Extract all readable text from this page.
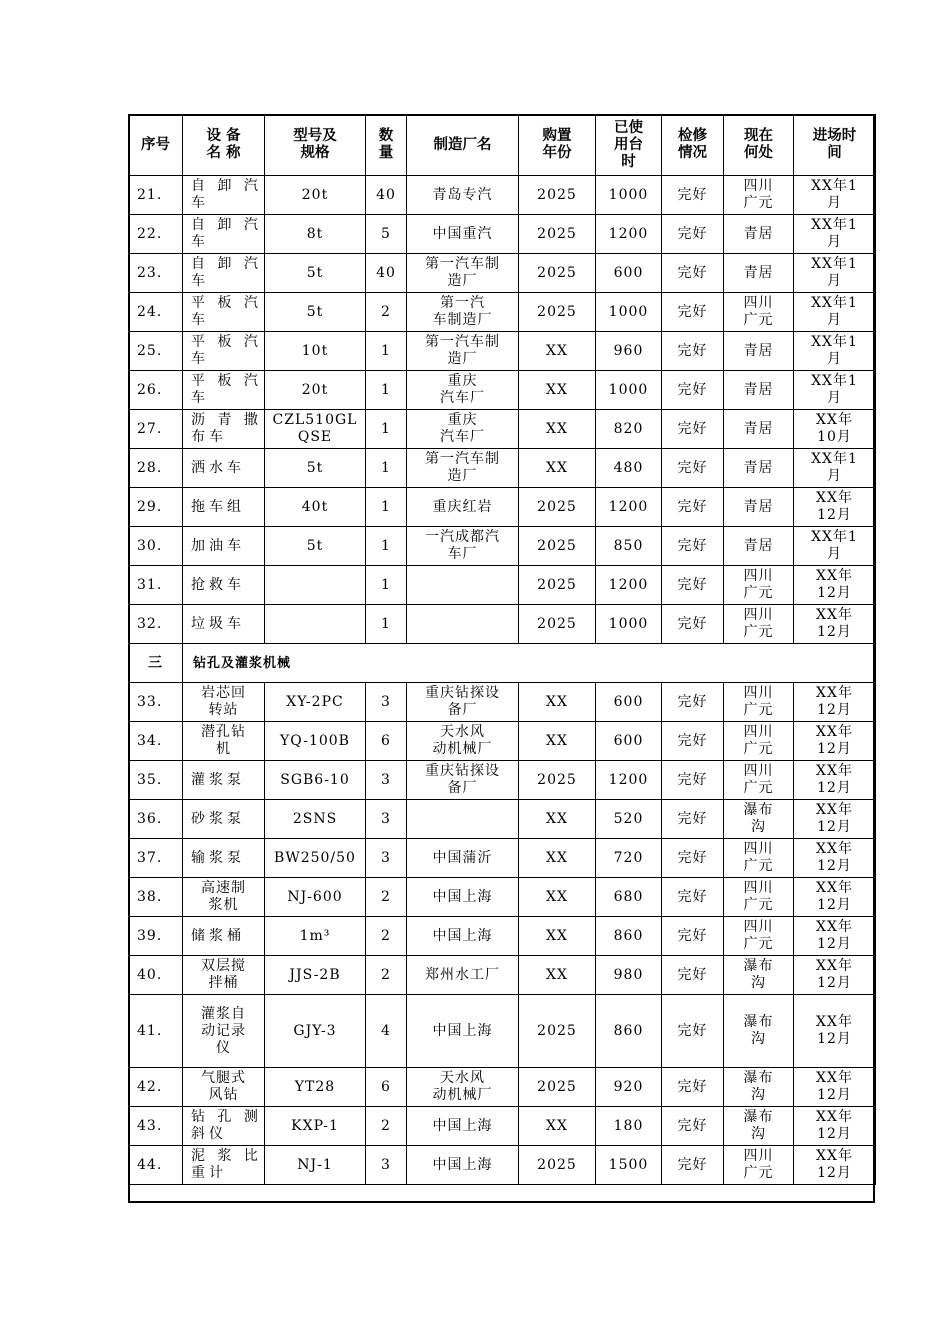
序号	设 备
名 称	型号及
规格	数
量	制造厂名	购置
年份	已使
用台
时	检修
情况	现在
何处	进场时
间
21.	自 卸 汽
车	20t	40	青岛专汽	2025	1000	完好	四川
广元	XX年1
月
22.	自 卸 汽
车	8t	5	中国重汽	2025	1200	完好	青居	XX年1
月
23.	自 卸 汽
车	5t	40	第一汽车制
造厂	2025	600	完好	青居	XX年1
月
24.	平 板 汽
车	5t	2	第一汽
车制造厂	2025	1000	完好	四川
广元	XX年1
月
25.	平 板 汽
车	10t	1	第一汽车制
造厂	XX	960	完好	青居	XX年1
月
26.	平 板 汽
车	20t	1	重庆
汽车厂	XX	1000	完好	青居	XX年1
月
27.	沥 青 撒
布车	CZL510GL
QSE	1	重庆
汽车厂	XX	820	完好	青居	XX年
10月
28.	洒水车	5t	1	第一汽车制
造厂	XX	480	完好	青居	XX年1
月
29.	拖车组	40t	1	重庆红岩	2025	1200	完好	青居	XX年
12月
30.	加油车	5t	1	一汽成都汽
车厂	2025	850	完好	青居	XX年1
月
31.	抢救车		1		2025	1200	完好	四川
广元	XX年
12月
32.	垃圾车		1		2025	1000	完好	四川
广元	XX年
12月
三	钻孔及灌浆机械								
33.	岩芯回
转站	XY-2PC	3	重庆钻探设
备厂	XX	600	完好	四川
广元	XX年
12月
34.	潜孔钻
机	YQ-100B	6	天水风
动机械厂	XX	600	完好	四川
广元	XX年
12月
35.	灌浆泵	SGB6-10	3	重庆钻探设
备厂	2025	1200	完好	四川
广元	XX年
12月
36.	砂浆泵	2SNS	3		XX	520	完好	瀑布
沟	XX年
12月
37.	输浆泵	BW250/50	3	中国蒲沂	XX	720	完好	四川
广元	XX年
12月
38.	高速制
浆机	NJ-600	2	中国上海	XX	680	完好	四川
广元	XX年
12月
39.	储浆桶	1m³	2	中国上海	XX	860	完好	四川
广元	XX年
12月
40.	双层搅
拌桶	JJS-2B	2	郑州水工厂	XX	980	完好	瀑布
沟	XX年
12月
41.	灌浆自
动记录
仪	GJY-3	4	中国上海	2025	860	完好	瀑布
沟	XX年
12月
42.	气腿式
风钻	YT28	6	天水风
动机械厂	2025	920	完好	瀑布
沟	XX年
12月
43.	钻 孔 测
斜仪	KXP-1	2	中国上海	XX	180	完好	瀑布
沟	XX年
12月
44.	泥 浆 比
重计	NJ-1	3	中国上海	2025	1500	完好	四川
广元	XX年
12月
